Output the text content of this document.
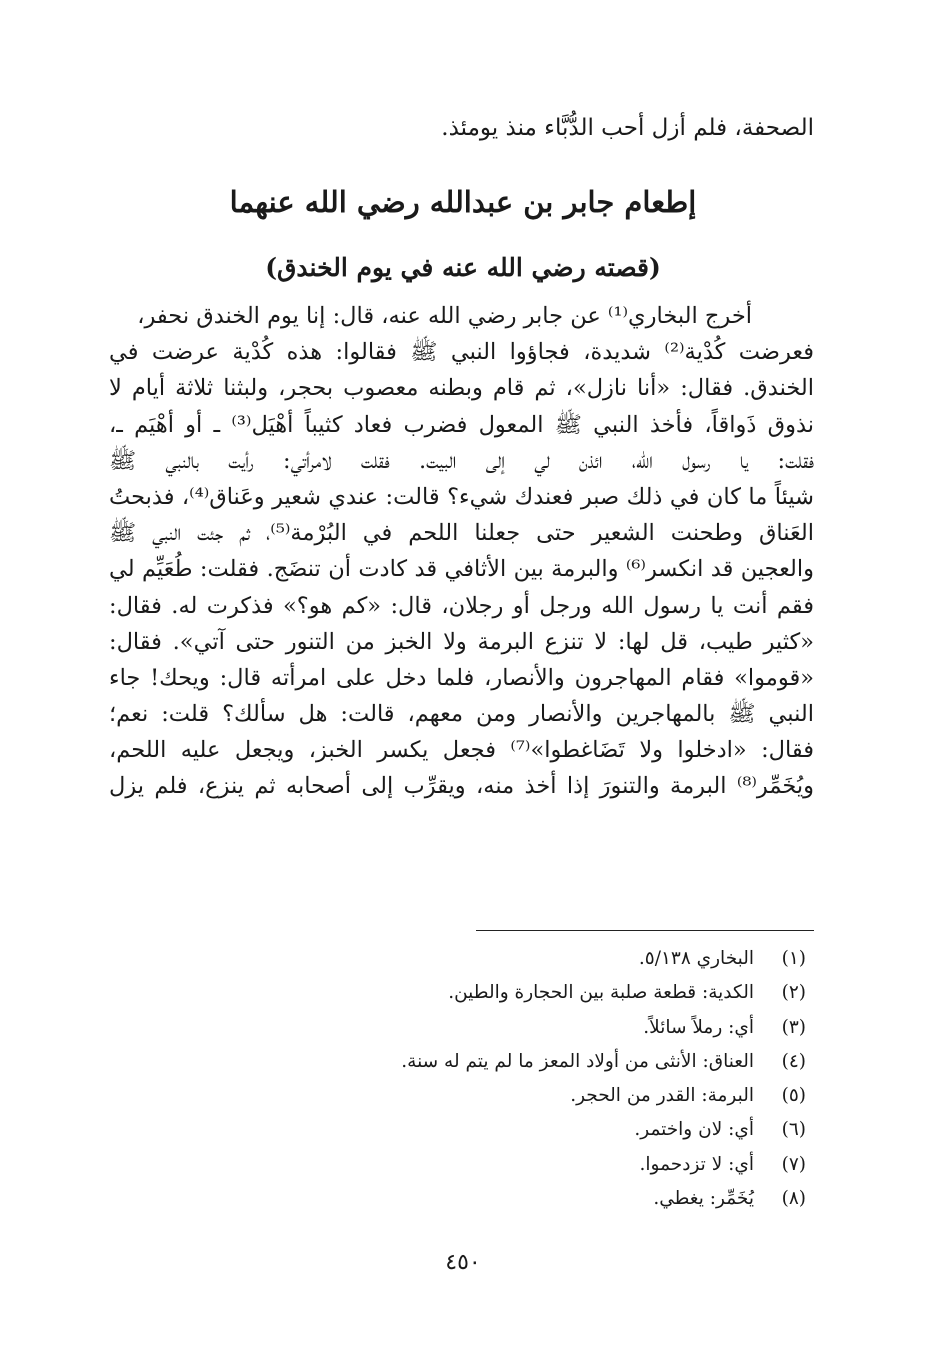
الصحفة، فلم أزل أحب الدُّبَّاء منذ يومئذ.
إطعام جابر بن عبدالله رضي الله عنهما
(قصته رضي الله عنه في يوم الخندق)
أخرج البخاري⁽¹⁾ عن جابر رضي الله عنه، قال: إنا يوم الخندق نحفر،
فعرضت كُدْية⁽²⁾ شديدة، فجاؤوا النبي ﷺ فقالوا: هذه كُدْية عرضت في
الخندق. فقال: «أنا نازل»، ثم قام وبطنه معصوب بحجر، ولبثنا ثلاثة أيام لا
نذوق ذَواقاً، فأخذ النبي ﷺ المعول فضرب فعاد كثيباً أهْيَل⁽³⁾ ـ أو أهْيَم ـ،
فقلت: يا رسول الله، ائذن لي إلى البيت. فقلت لامرأتي: رأيت بالنبي ﷺ
شيئاً ما كان في ذلك صبر فعندك شيء؟ قالت: عندي شعير وعَناق⁽⁴⁾، فذبحتُ
العَناق وطحنت الشعير حتى جعلنا اللحم في البُرْمة⁽⁵⁾، ثم جئت النبي ﷺ
والعجين قد انكسر⁽⁶⁾ والبرمة بين الأثافي قد كادت أن تنضَج. فقلت: طُعَيِّم لي
فقم أنت يا رسول الله ورجل أو رجلان، قال: «كم هو؟» فذكرت له. فقال:
«كثير طيب، قل لها: لا تنزع البرمة ولا الخبز من التنور حتى آتي». فقال:
«قوموا» فقام المهاجرون والأنصار، فلما دخل على امرأته قال: ويحك! جاء
النبي ﷺ بالمهاجرين والأنصار ومن معهم، قالت: هل سألك؟ قلت: نعم؛
فقال: «ادخلوا ولا تَضَاغطوا»⁽⁷⁾ فجعل يكسر الخبز، ويجعل عليه اللحم،
ويُخَمِّر⁽⁸⁾ البرمة والتنورَ إذا أخذ منه، ويقرِّب إلى أصحابه ثم ينزع، فلم يزل
(١)
البخاري ٥/١٣٨.
(٢)
الكدية: قطعة صلبة بين الحجارة والطين.
(٣)
أي: رملاً سائلاً.
(٤)
العناق: الأنثى من أولاد المعز ما لم يتم له سنة.
(٥)
البرمة: القدر من الحجر.
(٦)
أي: لان واختمر.
(٧)
أي: لا تزدحموا.
(٨)
يُخَمِّر: يغطي.
٤٥٠
